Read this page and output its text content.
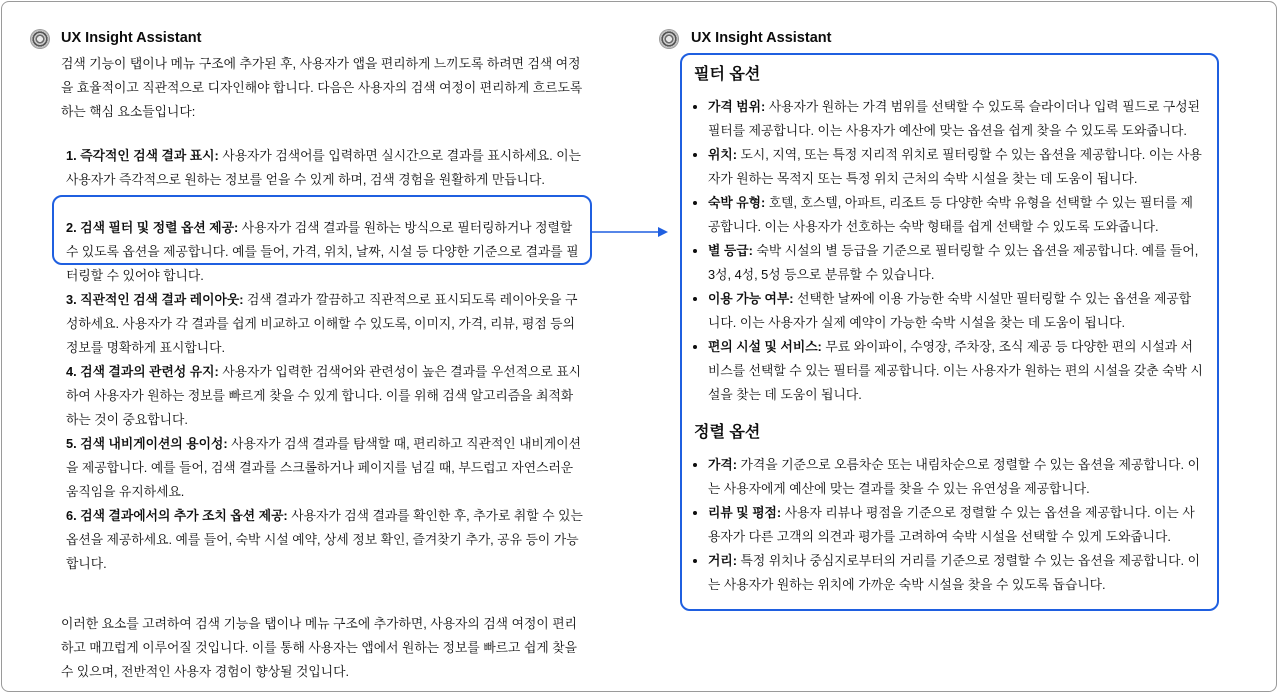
UX Insight Assistant

검색 기능이 탭이나 메뉴 구조에 추가된 후, 사용자가 앱을 편리하게 느끼도록 하려면 검색 여정을 효율적이고 직관적으로 디자인해야 합니다. 다음은 사용자의 검색 여정이 편리하게 흐르도록 하는 핵심 요소들입니다:

1. 즉각적인 검색 결과 표시: 사용자가 검색어를 입력하면 실시간으로 결과를 표시하세요. 이는 사용자가 즉각적으로 원하는 정보를 얻을 수 있게 하며, 검색 경험을 원활하게 만듭니다.
2. 검색 필터 및 정렬 옵션 제공: 사용자가 검색 결과를 원하는 방식으로 필터링하거나 정렬할 수 있도록 옵션을 제공합니다. 예를 들어, 가격, 위치, 날짜, 시설 등 다양한 기준으로 결과를 필터링할 수 있어야 합니다.
3. 직관적인 검색 결과 레이아웃: 검색 결과가 깔끔하고 직관적으로 표시되도록 레이아웃을 구성하세요. 사용자가 각 결과를 쉽게 비교하고 이해할 수 있도록, 이미지, 가격, 리뷰, 평점 등의 정보를 명확하게 표시합니다.
4. 검색 결과의 관련성 유지: 사용자가 입력한 검색어와 관련성이 높은 결과를 우선적으로 표시하여 사용자가 원하는 정보를 빠르게 찾을 수 있게 합니다. 이를 위해 검색 알고리즘을 최적화하는 것이 중요합니다.
5. 검색 내비게이션의 용이성: 사용자가 검색 결과를 탐색할 때, 편리하고 직관적인 내비게이션을 제공합니다. 예를 들어, 검색 결과를 스크롤하거나 페이지를 넘길 때, 부드럽고 자연스러운 움직임을 유지하세요.
6. 검색 결과에서의 추가 조치 옵션 제공: 사용자가 검색 결과를 확인한 후, 추가로 취할 수 있는 옵션을 제공하세요. 예를 들어, 숙박 시설 예약, 상세 정보 확인, 즐겨찾기 추가, 공유 등이 가능합니다.

이러한 요소를 고려하여 검색 기능을 탭이나 메뉴 구조에 추가하면, 사용자의 검색 여정이 편리하고 매끄럽게 이루어질 것입니다. 이를 통해 사용자는 앱에서 원하는 정보를 빠르고 쉽게 찾을 수 있으며, 전반적인 사용자 경험이 향상될 것입니다.

UX Insight Assistant
필터 옵션
• 가격 범위: 사용자가 원하는 가격 범위를 선택할 수 있도록 슬라이더나 입력 필드로 구성된 필터를 제공합니다. 이는 사용자가 예산에 맞는 옵션을 쉽게 찾을 수 있도록 도와줍니다.
• 위치: 도시, 지역, 또는 특정 지리적 위치로 필터링할 수 있는 옵션을 제공합니다. 이는 사용자가 원하는 목적지 또는 특정 위치 근처의 숙박 시설을 찾는 데 도움이 됩니다.
• 숙박 유형: 호텔, 호스텔, 아파트, 리조트 등 다양한 숙박 유형을 선택할 수 있는 필터를 제공합니다. 이는 사용자가 선호하는 숙박 형태를 쉽게 선택할 수 있도록 도와줍니다.
• 별 등급: 숙박 시설의 별 등급을 기준으로 필터링할 수 있는 옵션을 제공합니다. 예를 들어, 3성, 4성, 5성 등으로 분류할 수 있습니다.
• 이용 가능 여부: 선택한 날짜에 이용 가능한 숙박 시설만 필터링할 수 있는 옵션을 제공합니다. 이는 사용자가 실제 예약이 가능한 숙박 시설을 찾는 데 도움이 됩니다.
• 편의 시설 및 서비스: 무료 와이파이, 수영장, 주차장, 조식 제공 등 다양한 편의 시설과 서비스를 선택할 수 있는 필터를 제공합니다. 이는 사용자가 원하는 편의 시설을 갖춘 숙박 시설을 찾는 데 도움이 됩니다.
정렬 옵션
• 가격: 가격을 기준으로 오름차순 또는 내림차순으로 정렬할 수 있는 옵션을 제공합니다. 이는 사용자에게 예산에 맞는 결과를 찾을 수 있는 유연성을 제공합니다.
• 리뷰 및 평점: 사용자 리뷰나 평점을 기준으로 정렬할 수 있는 옵션을 제공합니다. 이는 사용자가 다른 고객의 의견과 평가를 고려하여 숙박 시설을 선택할 수 있게 도와줍니다.
• 거리: 특정 위치나 중심지로부터의 거리를 기준으로 정렬할 수 있는 옵션을 제공합니다. 이는 사용자가 원하는 위치에 가까운 숙박 시설을 찾을 수 있도록 돕습니다.
